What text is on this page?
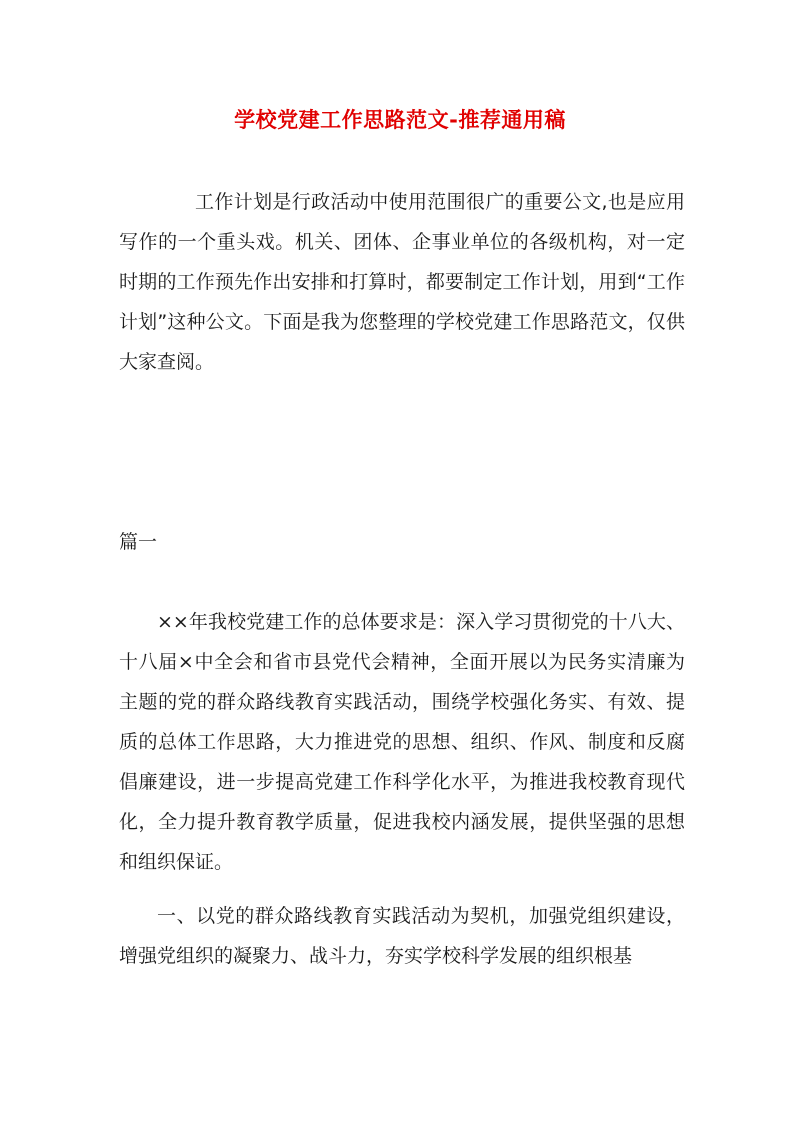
学校党建工作思路范文-推荐通用稿

工作计划是行政活动中使用范围很广的重要公文,也是应用写作的一个重头戏。机关、团体、企事业单位的各级机构，对一定时期的工作预先作出安排和打算时，都要制定工作计划，用到“工作计划”这种公文。下面是我为您整理的学校党建工作思路范文，仅供大家查阅。

篇一

××年我校党建工作的总体要求是：深入学习贯彻党的十八大、十八届×中全会和省市县党代会精神，全面开展以为民务实清廉为主题的党的群众路线教育实践活动，围绕学校强化务实、有效、提质的总体工作思路，大力推进党的思想、组织、作风、制度和反腐倡廉建设，进一步提高党建工作科学化水平，为推进我校教育现代化，全力提升教育教学质量，促进我校内涵发展，提供坚强的思想和组织保证。

一、以党的群众路线教育实践活动为契机，加强党组织建设，增强党组织的凝聚力、战斗力，夯实学校科学发展的组织根基
